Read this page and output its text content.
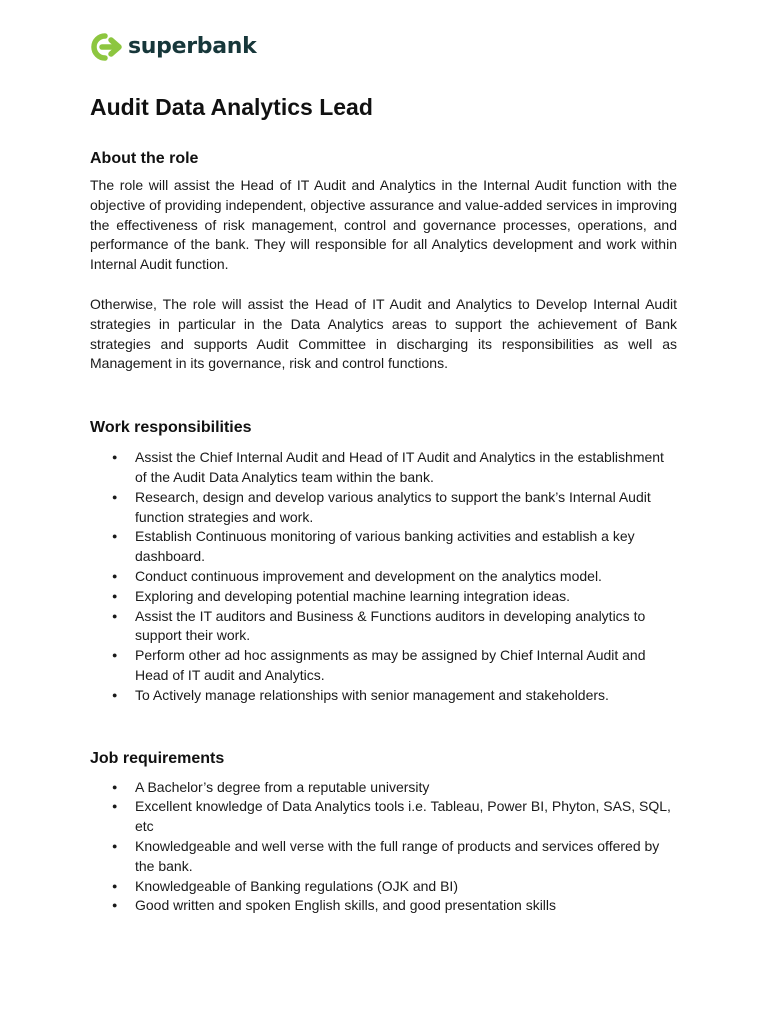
superbank
Audit Data Analytics Lead
About the role

The role will assist the Head of IT Audit and Analytics in the Internal Audit function with the objective of providing independent, objective assurance and value-added services in improving the effectiveness of risk management, control and governance processes, operations, and performance of the bank. They will responsible for all Analytics development and work within Internal Audit function.

Otherwise, The role will assist the Head of IT Audit and Analytics to Develop Internal Audit strategies in particular in the Data Analytics areas to support the achievement of Bank strategies and supports Audit Committee in discharging its responsibilities as well as Management in its governance, risk and control functions.

Work responsibilities
● Assist the Chief Internal Audit and Head of IT Audit and Analytics in the establishment of the Audit Data Analytics team within the bank.
● Research, design and develop various analytics to support the bank’s Internal Audit function strategies and work.
● Establish Continuous monitoring of various banking activities and establish a key dashboard.
● Conduct continuous improvement and development on the analytics model.
● Exploring and developing potential machine learning integration ideas.
● Assist the IT auditors and Business & Functions auditors in developing analytics to support their work.
● Perform other ad hoc assignments as may be assigned by Chief Internal Audit and Head of IT audit and Analytics.
● To Actively manage relationships with senior management and stakeholders.
Job requirements
● A Bachelor’s degree from a reputable university
● Excellent knowledge of Data Analytics tools i.e. Tableau, Power BI, Phyton, SAS, SQL, etc
● Knowledgeable and well verse with the full range of products and services offered by the bank.
● Knowledgeable of Banking regulations (OJK and BI)
● Good written and spoken English skills, and good presentation skills
